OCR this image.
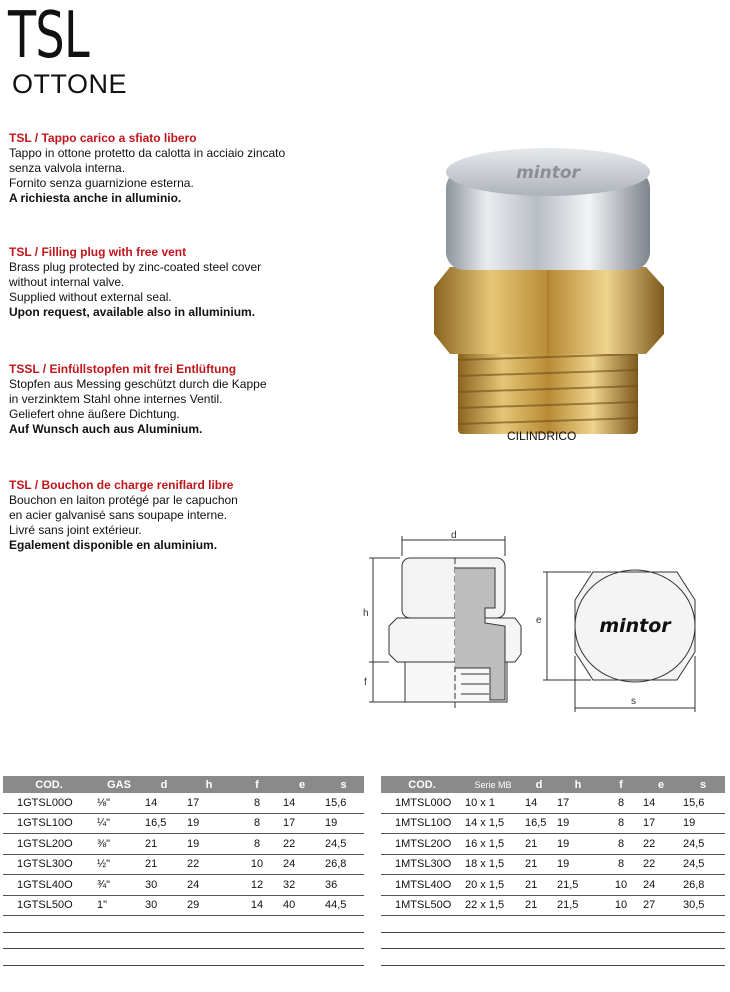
TSL
OTTONE
TSL / Tappo carico a sfiato libero
Tappo in ottone protetto da calotta in acciaio zincato
senza valvola interna.
Fornito senza guarnizione esterna.
A richiesta anche in alluminio.
TSL / Filling plug with free vent
Brass plug protected by zinc-coated steel cover
without internal valve.
Supplied without external seal.
Upon request, available also in alluminium.
TSSL / Einfüllstopfen mit frei Entlüftung
Stopfen aus Messing geschützt durch die Kappe
in verzinktem Stahl ohne internes Ventil.
Geliefert ohne äußere Dichtung.
Auf Wunsch auch aus Aluminium.
TSL / Bouchon de charge reniflard libre
Bouchon en laiton protégé par le capuchon
en acier galvanisé sans soupape interne.
Livré sans joint extérieur.
Egalement disponible en aluminium.
mintor
CILINDRICO
mintor
d
h
f
e
s
COD.	GAS	d	h	f	e	s
1GTSL00O	⅛"	14	17	8	14	15,6
1GTSL10O	¼"	16,5	19	8	17	19
1GTSL20O	⅜"	21	19	8	22	24,5
1GTSL30O	½"	21	22	10	24	26,8
1GTSL40O	¾"	30	24	12	32	36
1GTSL50O	1"	30	29	14	40	44,5

COD.	Serie MB	d	h	f	e	s
1MTSL00O	10 x 1	14	17	8	14	15,6
1MTSL10O	14 x 1,5	16,5	19	8	17	19
1MTSL20O	16 x 1,5	21	19	8	22	24,5
1MTSL30O	18 x 1,5	21	19	8	22	24,5
1MTSL40O	20 x 1,5	21	21,5	10	24	26,8
1MTSL50O	22 x 1,5	21	21,5	10	27	30,5
